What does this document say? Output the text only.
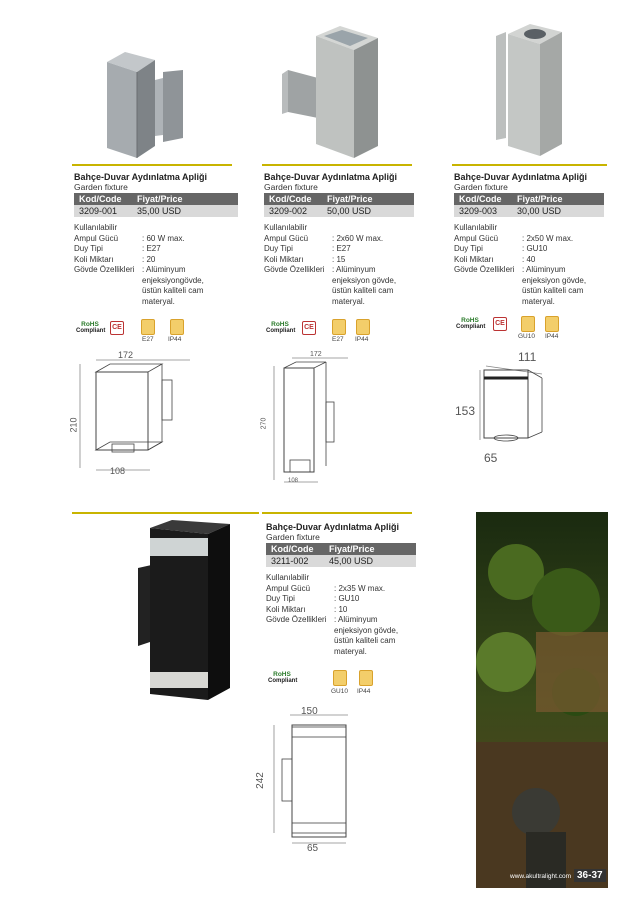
Bahçe-Duvar Aydınlatma Apliği
Garden fixture
Kod/Code	Fiyat/Price
3209-001	35,00 USD
Kullanılabilir
Ampul Gücü	: 60 W max.
Duy Tipi	: E27
Koli Miktarı	: 20
Gövde Özellikleri : Alüminyum
enjeksiyongövde,
üstün kaliteli cam
materyal.
Bahçe-Duvar Aydınlatma Apliği
Garden fixture
Kod/Code	Fiyat/Price
3209-002	50,00 USD
Kullanılabilir
Ampul Gücü	: 2x60 W max.
Duy Tipi	: E27
Koli Miktarı	: 15
Gövde Özellikleri : Alüminyum
enjeksiyon gövde,
üstün kaliteli cam
materyal.
Bahçe-Duvar Aydınlatma Apliği
Garden fixture
Kod/Code	Fiyat/Price
3209-003	30,00 USD
Kullanılabilir
Ampul Gücü	: 2x50 W max.
Duy Tipi	: GU10
Koli Miktarı	: 40
Gövde Özellikleri : Alüminyum
enjeksiyon gövde,
üstün kaliteli cam
materyal.
RoHS
Compliant CE
E27 IP44
RoHS
Compliant	CE
E27 IP44
RoHS
Compliant	CE
GU10 IP44
172
210
108
172
270
108
111
153
65
Bahçe-Duvar Aydınlatma Apliği
Garden fixture
Kod/Code	Fiyat/Price
3211-002	45,00 USD
Kullanılabilir
Ampul Gücü	: 2x35 W max.
Duy Tipi	: GU10
Koli Miktarı	: 10
Gövde Özellikleri : Alüminyum
enjeksiyon gövde,
üstün kaliteli cam
materyal.
RoHS
Compliant
GU10 IP44
150
242
65
www.akultralight.com 36-37
